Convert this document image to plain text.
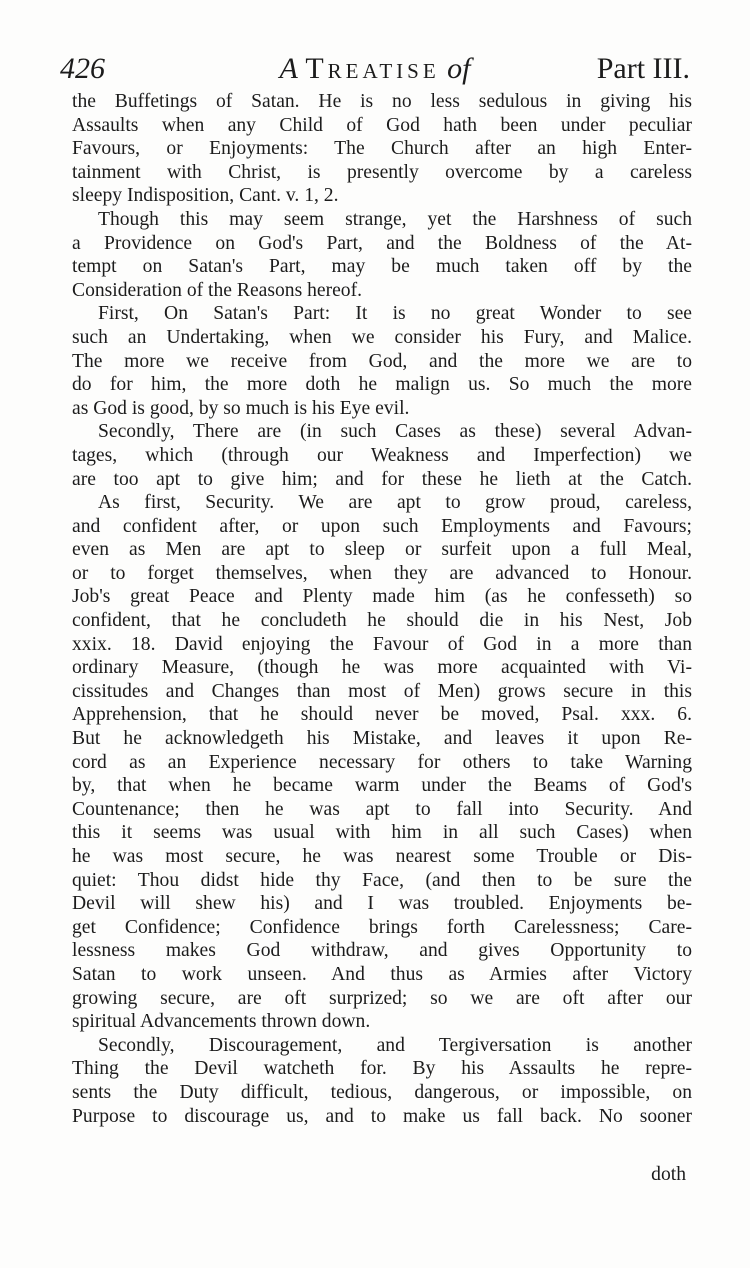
426	A Treatise of	Part III.
the Buffetings of Satan. He is no less sedulous in giving his
Assaults when any Child of God hath been under peculiar
Favours, or Enjoyments: The Church after an high Enter-
tainment with Christ, is presently overcome by a careless
sleepy Indisposition, Cant. v. 1, 2.
Though this may seem strange, yet the Harshness of such
a Providence on God's Part, and the Boldness of the At-
tempt on Satan's Part, may be much taken off by the
Consideration of the Reasons hereof.
First, On Satan's Part: It is no great Wonder to see
such an Undertaking, when we consider his Fury, and Malice.
The more we receive from God, and the more we are to
do for him, the more doth he malign us. So much the more
as God is good, by so much is his Eye evil.
Secondly, There are (in such Cases as these) several Advan-
tages, which (through our Weakness and Imperfection) we
are too apt to give him; and for these he lieth at the Catch.
As first, Security. We are apt to grow proud, careless,
and confident after, or upon such Employments and Favours;
even as Men are apt to sleep or surfeit upon a full Meal,
or to forget themselves, when they are advanced to Honour.
Job's great Peace and Plenty made him (as he confesseth) so
confident, that he concludeth he should die in his Nest, Job
xxix. 18. David enjoying the Favour of God in a more than
ordinary Measure, (though he was more acquainted with Vi-
cissitudes and Changes than most of Men) grows secure in this
Apprehension, that he should never be moved, Psal. xxx. 6.
But he acknowledgeth his Mistake, and leaves it upon Re-
cord as an Experience necessary for others to take Warning
by, that when he became warm under the Beams of God's
Countenance; then he was apt to fall into Security. And
this it seems was usual with him in all such Cases) when
he was most secure, he was nearest some Trouble or Dis-
quiet: Thou didst hide thy Face, (and then to be sure the
Devil will shew his) and I was troubled. Enjoyments be-
get Confidence; Confidence brings forth Carelessness; Care-
lessness makes God withdraw, and gives Opportunity to
Satan to work unseen. And thus as Armies after Victory
growing secure, are oft surprized; so we are oft after our
spiritual Advancements thrown down.
Secondly, Discouragement, and Tergiversation is another
Thing the Devil watcheth for. By his Assaults he repre-
sents the Duty difficult, tedious, dangerous, or impossible, on
Purpose to discourage us, and to make us fall back. No sooner
doth
